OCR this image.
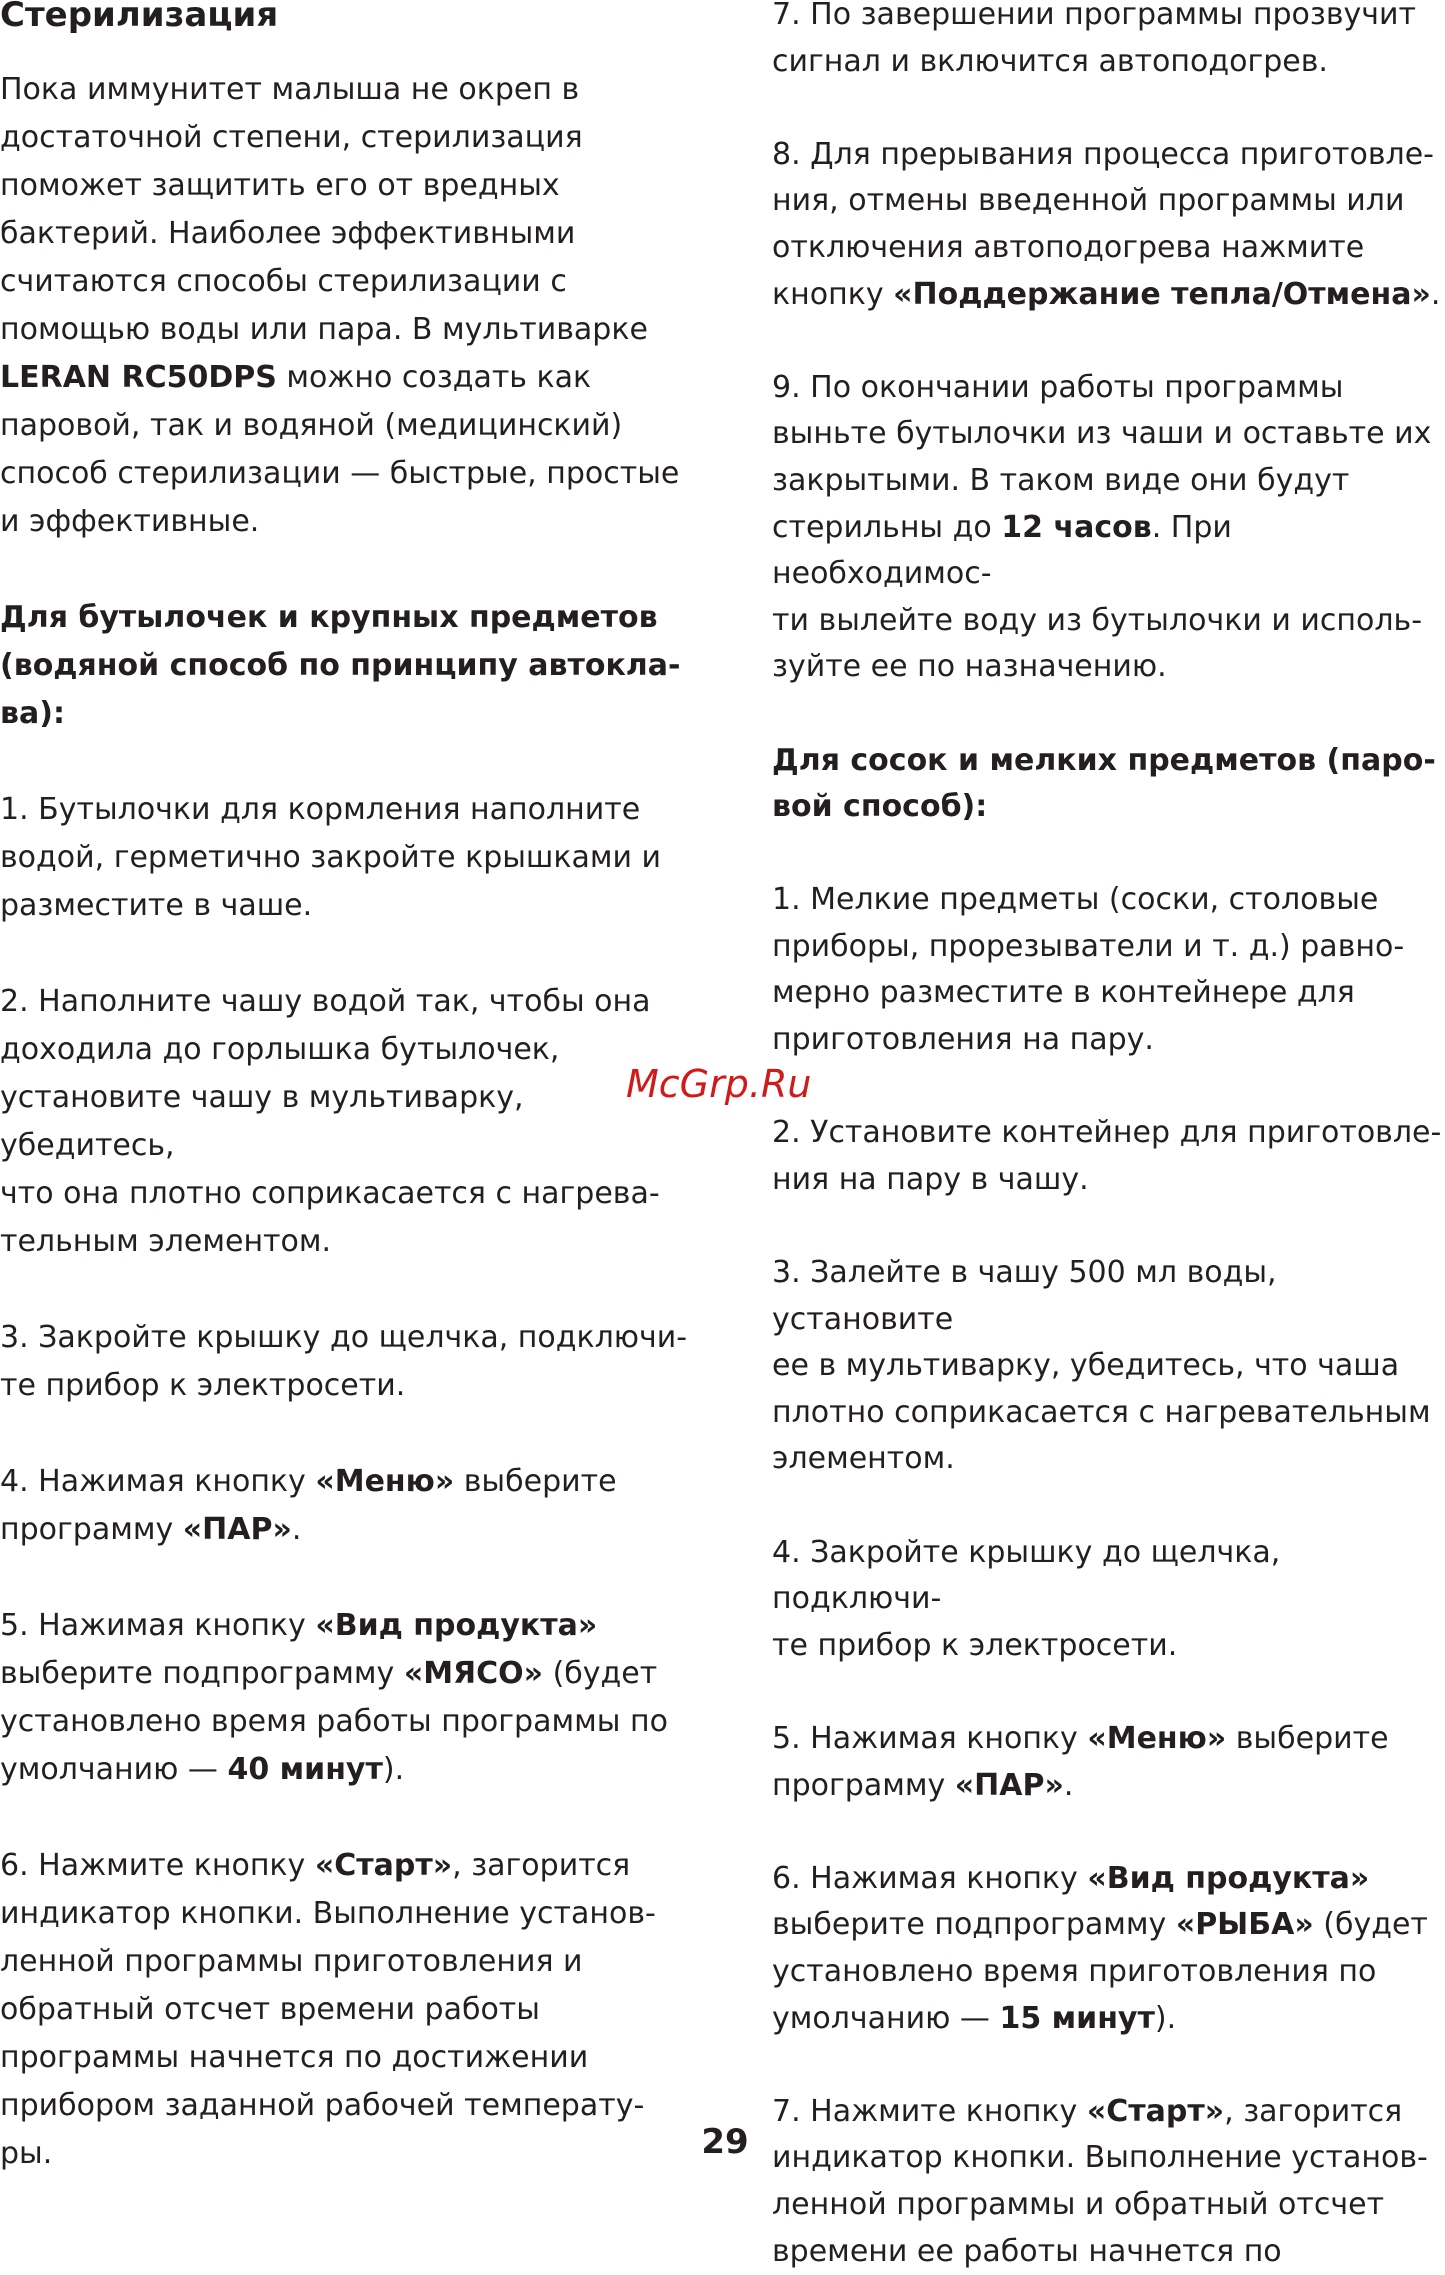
Стерилизация

Пока иммунитет малыша не окреп в

достаточной степени, стерилизация

поможет защитить его от вредных

бактерий. Наиболее эффективными

считаются способы стерилизации с

помощью воды или пара. В мультиварке

LERAN RC50DPS можно создать как

паровой, так и водяной (медицинский)

способ стерилизации — быстрые, простые

и эффективные.

Для бутылочек и крупных предметов

(водяной способ по принципу автокла-

ва):

1. Бутылочки для кормления наполните

водой, герметично закройте крышками и

разместите в чаше.

2. Наполните чашу водой так, чтобы она

доходила до горлышка бутылочек,

установите чашу в мультиварку, убедитесь,

что она плотно соприкасается с нагрева-

тельным элементом.

3. Закройте крышку до щелчка, подключи-

те прибор к электросети.

4. Нажимая кнопку «Меню» выберите

программу «ПАР».

5. Нажимая кнопку «Вид продукта»

выберите подпрограмму «МЯСО» (будет

установлено время работы программы по

умолчанию — 40 минут).

6. Нажмите кнопку «Старт», загорится

индикатор кнопки. Выполнение установ-

ленной программы приготовления и

обратный отсчет времени работы

программы начнется по достижении

прибором заданной рабочей температу-

ры.

7. По завершении программы прозвучит

сигнал и включится автоподогрев.

8. Для прерывания процесса приготовле-

ния, отмены введенной программы или

отключения автоподогрева нажмите

кнопку «Поддержание тепла/Отмена».

9. По окончании работы программы

выньте бутылочки из чаши и оставьте их

закрытыми. В таком виде они будут

стерильны до 12 часов. При необходимос-

ти вылейте воду из бутылочки и исполь-

зуйте ее по назначению.

Для сосок и мелких предметов (паро-

вой способ):

1. Мелкие предметы (соски, столовые

приборы, прорезыватели и т. д.) равно-

мерно разместите в контейнере для

приготовления на пару.

2. Установите контейнер для приготовле-

ния на пару в чашу.

3. Залейте в чашу 500 мл воды, установите

ее в мультиварку, убедитесь, что чаша

плотно соприкасается с нагревательным

элементом.

4. Закройте крышку до щелчка, подключи-

те прибор к электросети.

5. Нажимая кнопку «Меню» выберите

программу «ПАР».

6. Нажимая кнопку «Вид продукта»

выберите подпрограмму «РЫБА» (будет

установлено время приготовления по

умолчанию — 15 минут).

7. Нажмите кнопку «Старт», загорится

индикатор кнопки. Выполнение установ-

ленной программы и обратный отсчет

времени ее работы начнется по

McGrp.Ru
29
